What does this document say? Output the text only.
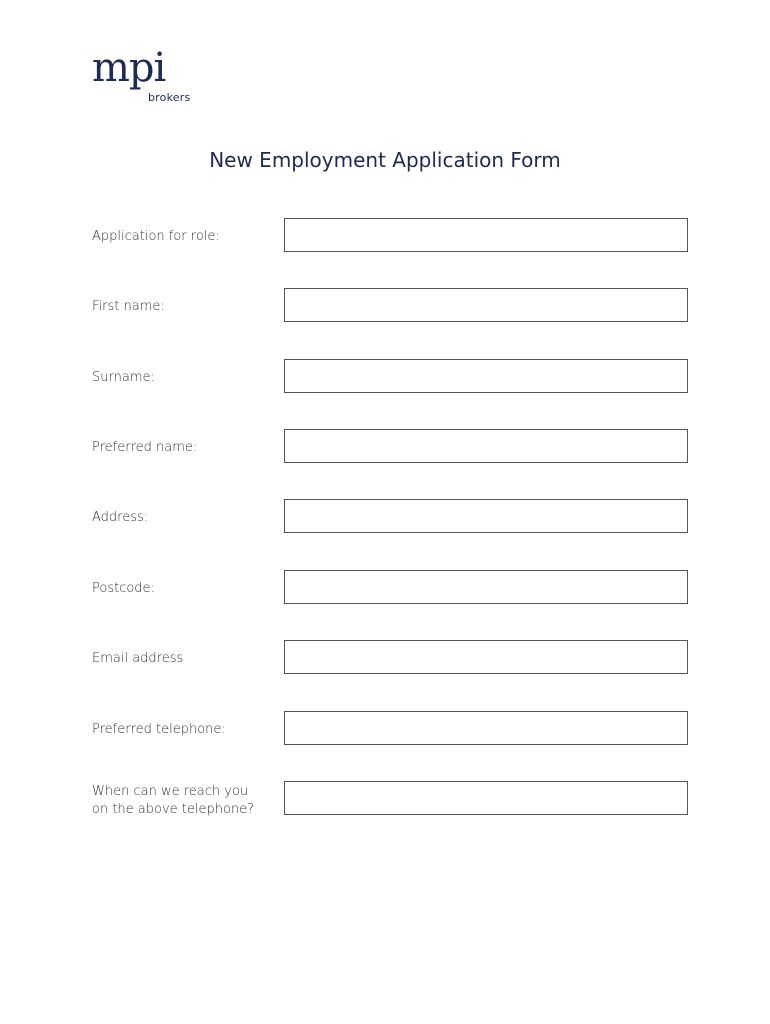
mpi
brokers
New Employment Application Form
Application for role:
First name:
Surname:
Preferred name:
Address:
Postcode:
Email address
Preferred telephone:
When can we reach you
on the above telephone?
